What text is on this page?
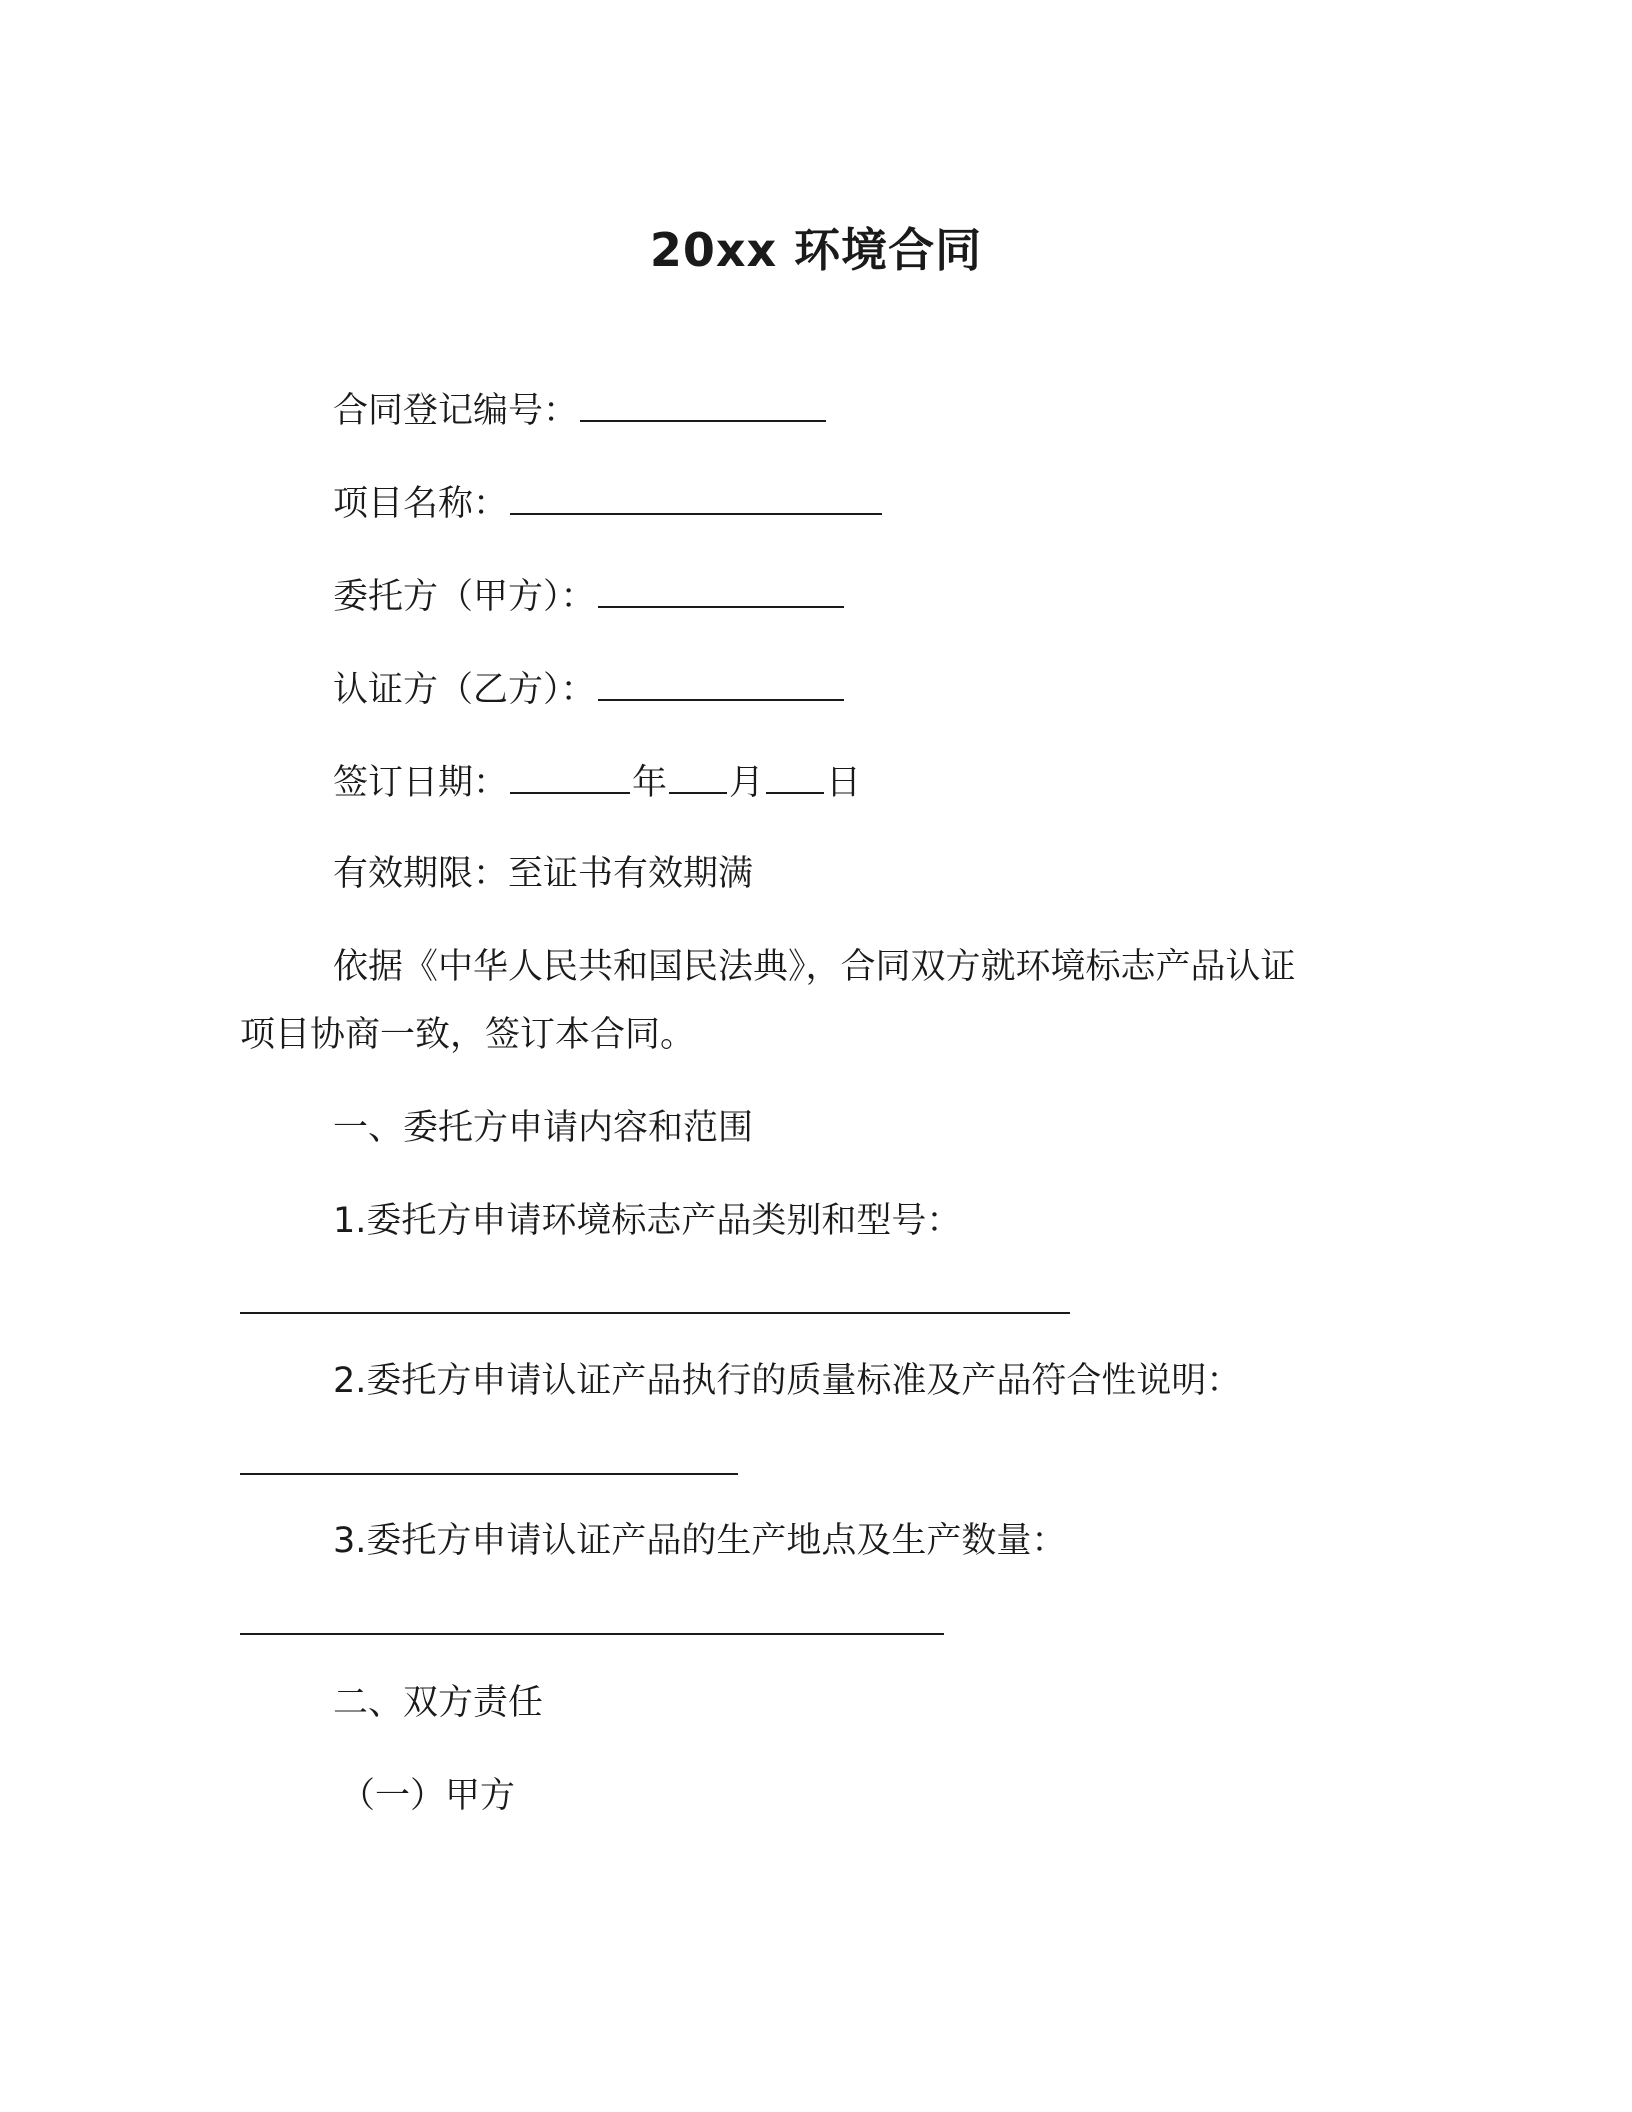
20xx 环境合同
合同登记编号：
项目名称：
委托方（甲方）：
认证方（乙方）：
签订日期：	年 月 日
有效期限：至证书有效期满
依据《中华人民共和国民法典》，合同双方就环境标志产品认证
项目协商一致，签订本合同。
一、委托方申请内容和范围
1.委托方申请环境标志产品类别和型号：
2.委托方申请认证产品执行的质量标准及产品符合性说明：
3.委托方申请认证产品的生产地点及生产数量：
二、双方责任
（一）甲方
